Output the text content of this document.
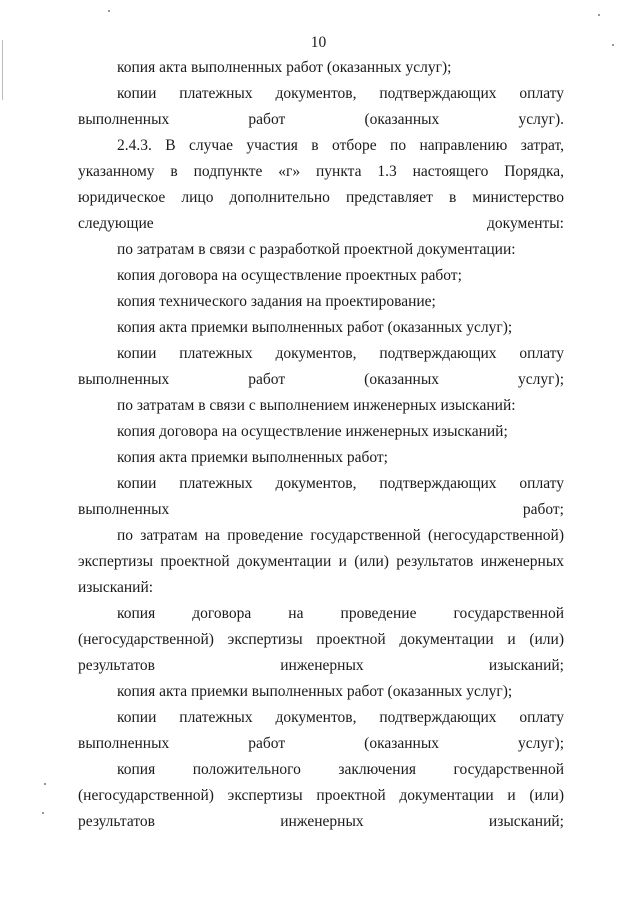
10

копия акта выполненных работ (оказанных услуг);

копии платежных документов, подтверждающих оплату выполненных работ (оказанных услуг).

2.4.3. В случае участия в отборе по направлению затрат, указанному в подпункте «г» пункта 1.3 настоящего Порядка, юридическое лицо дополнительно представляет в министерство следующие документы:

по затратам в связи с разработкой проектной документации:

копия договора на осуществление проектных работ;

копия технического задания на проектирование;

копия акта приемки выполненных работ (оказанных услуг);

копии платежных документов, подтверждающих оплату выполненных работ (оказанных услуг);

по затратам в связи с выполнением инженерных изысканий:

копия договора на осуществление инженерных изысканий;

копия акта приемки выполненных работ;

копии платежных документов, подтверждающих оплату выполненных работ;

по затратам на проведение государственной (негосударственной) экспертизы проектной документации и (или) результатов инженерных изысканий:

копия договора на проведение государственной (негосударственной) экспертизы проектной документации и (или) результатов инженерных изысканий;

копия акта приемки выполненных работ (оказанных услуг);

копии платежных документов, подтверждающих оплату выполненных работ (оказанных услуг);

копия положительного заключения государственной (негосударственной) экспертизы проектной документации и (или) результатов инженерных изысканий;
